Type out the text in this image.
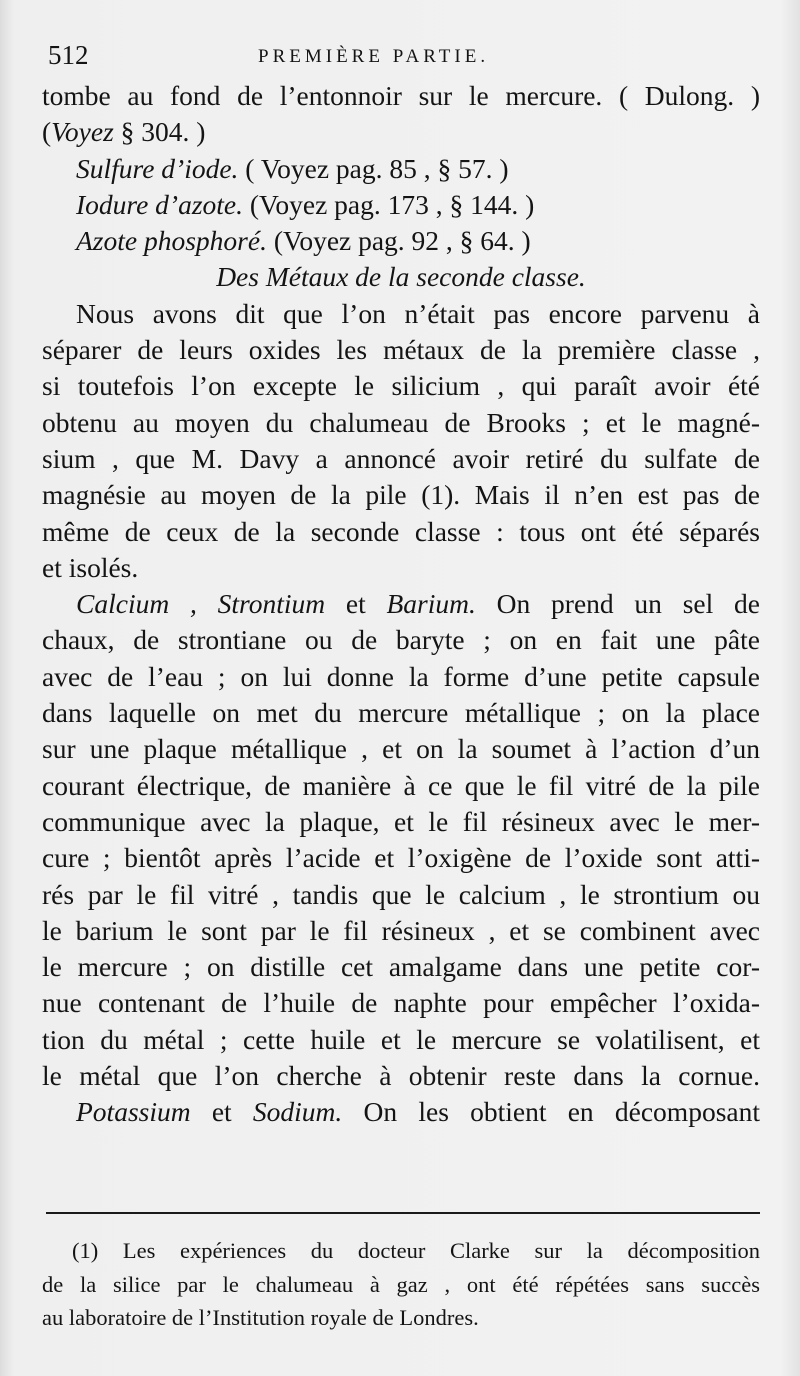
512	PREMIÈRE PARTIE.
tombe au fond de l’entonnoir sur le mercure. ( Dulong. )
(Voyez § 304. )
Sulfure d’iode. ( Voyez pag. 85 , § 57. )
Iodure d’azote. (Voyez pag. 173 , § 144. )
Azote phosphoré. (Voyez pag. 92 , § 64. )
Des Métaux de la seconde classe.
Nous avons dit que l’on n’était pas encore parvenu à
séparer de leurs oxides les métaux de la première classe ,
si toutefois l’on excepte le silicium , qui paraît avoir été
obtenu au moyen du chalumeau de Brooks ; et le magné-
sium , que M. Davy a annoncé avoir retiré du sulfate de
magnésie au moyen de la pile (1). Mais il n’en est pas de
même de ceux de la seconde classe : tous ont été séparés
et isolés.
Calcium , Strontium et Barium. On prend un sel de
chaux, de strontiane ou de baryte ; on en fait une pâte
avec de l’eau ; on lui donne la forme d’une petite capsule
dans laquelle on met du mercure métallique ; on la place
sur une plaque métallique , et on la soumet à l’action d’un
courant électrique, de manière à ce que le fil vitré de la pile
communique avec la plaque, et le fil résineux avec le mer-
cure ; bientôt après l’acide et l’oxigène de l’oxide sont atti-
rés par le fil vitré , tandis que le calcium , le strontium ou
le barium le sont par le fil résineux , et se combinent avec
le mercure ; on distille cet amalgame dans une petite cor-
nue contenant de l’huile de naphte pour empêcher l’oxida-
tion du métal ; cette huile et le mercure se volatilisent, et
le métal que l’on cherche à obtenir reste dans la cornue.
Potassium et Sodium. On les obtient en décomposant
(1) Les expériences du docteur Clarke sur la décomposition
de la silice par le chalumeau à gaz , ont été répétées sans succès
au laboratoire de l’Institution royale de Londres.
